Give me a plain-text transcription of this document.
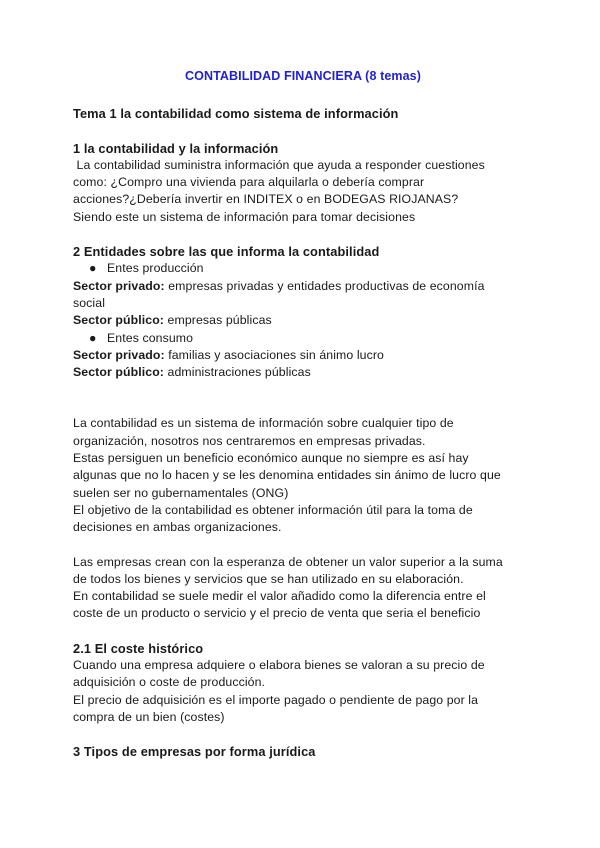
CONTABILIDAD FINANCIERA (8 temas)

Tema 1 la contabilidad como sistema de información

1 la contabilidad y la información

La contabilidad suministra información que ayuda a responder cuestiones

como: ¿Compro una vivienda para alquilarla o debería comprar

acciones?¿Debería invertir en INDITEX o en BODEGAS RIOJANAS?

Siendo este un sistema de información para tomar decisiones

2 Entidades sobre las que informa la contabilidad

● Entes producción

Sector privado: empresas privadas y entidades productivas de economía

social

Sector público: empresas públicas

● Entes consumo

Sector privado: familias y asociaciones sin ánimo lucro

Sector público: administraciones públicas

La contabilidad es un sistema de información sobre cualquier tipo de

organización, nosotros nos centraremos en empresas privadas.

Estas persiguen un beneficio económico aunque no siempre es así hay

algunas que no lo hacen y se les denomina entidades sin ánimo de lucro que

suelen ser no gubernamentales (ONG)

El objetivo de la contabilidad es obtener información útil para la toma de

decisiones en ambas organizaciones.

Las empresas crean con la esperanza de obtener un valor superior a la suma

de todos los bienes y servicios que se han utilizado en su elaboración.

En contabilidad se suele medir el valor añadido como la diferencia entre el

coste de un producto o servicio y el precio de venta que seria el beneficio

2.1 El coste histórico

Cuando una empresa adquiere o elabora bienes se valoran a su precio de

adquisición o coste de producción.

El precio de adquisición es el importe pagado o pendiente de pago por la

compra de un bien (costes)

3 Tipos de empresas por forma jurídica
